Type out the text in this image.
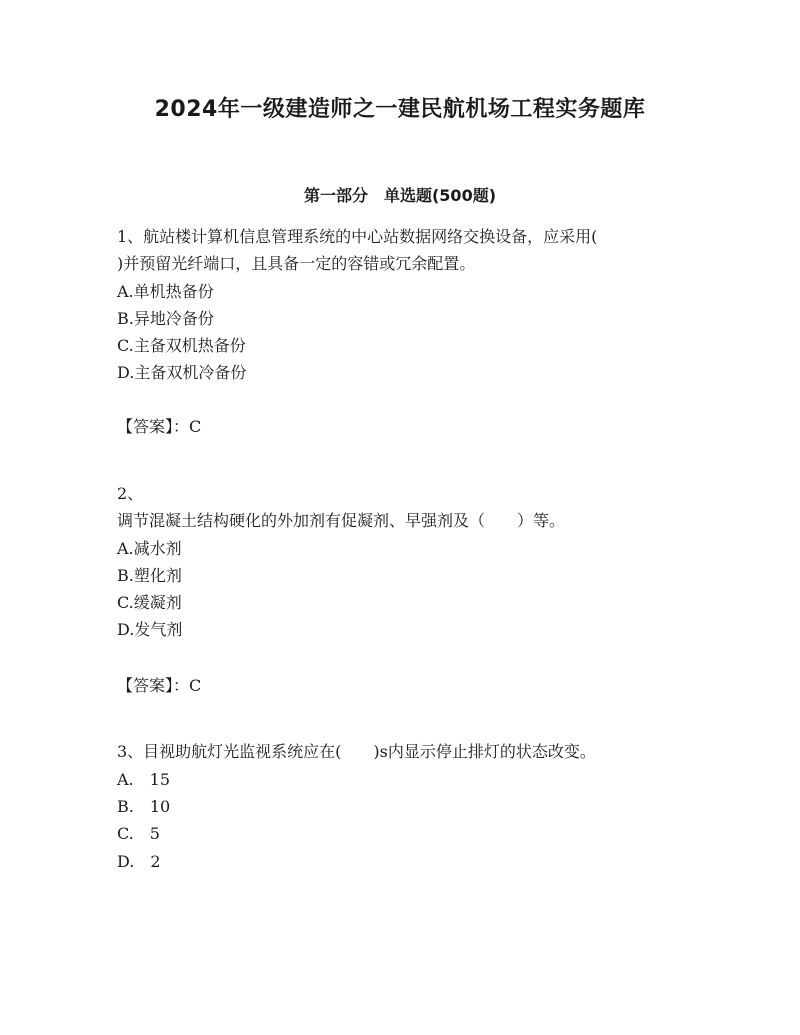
2024年一级建造师之一建民航机场工程实务题库
第一部分　单选题(500题)
1、航站楼计算机信息管理系统的中心站数据网络交换设备，应采用(
)并预留光纤端口，且具备一定的容错或冗余配置。
A.单机热备份
B.异地冷备份
C.主备双机热备份
D.主备双机冷备份
【答案】：C
2、
调节混凝土结构硬化的外加剂有促凝剂、早强剂及（　　）等。
A.减水剂
B.塑化剂
C.缓凝剂
D.发气剂
【答案】：C
3、目视助航灯光监视系统应在(　　)s内显示停止排灯的状态改变。
A.　15
B.　10
C.　5
D.　2
